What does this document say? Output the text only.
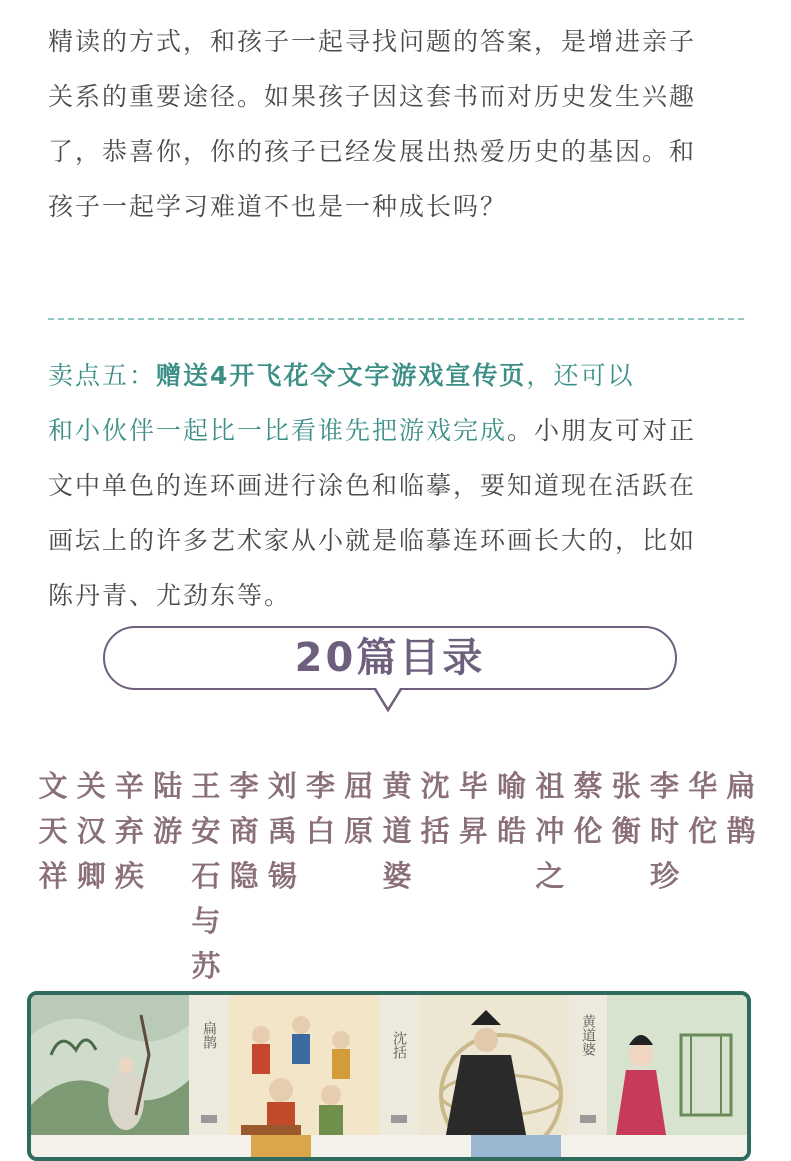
精读的方式，和孩子一起寻找问题的答案，是增进亲子
关系的重要途径。如果孩子因这套书而对历史发生兴趣
了，恭喜你，你的孩子已经发展出热爱历史的基因。和
孩子一起学习难道不也是一种成长吗？
卖点五：赠送4开飞花令文字游戏宣传页，还可以
和小伙伴一起比一比看谁先把游戏完成。小朋友可对正
文中单色的连环画进行涂色和临摹，要知道现在活跃在
画坛上的许多艺术家从小就是临摹连环画长大的，比如
陈丹青、尤劲东等。
20篇目录
文天祥
关汉卿
辛弃疾
陆游
王安石与苏
李商隐
刘禹锡
李白
屈原
黄道婆
沈括
毕昇
喻皓
祖冲之
蔡伦
张衡
李时珍
华佗
扁鹊
扁鹊	沈括	黄道婆
